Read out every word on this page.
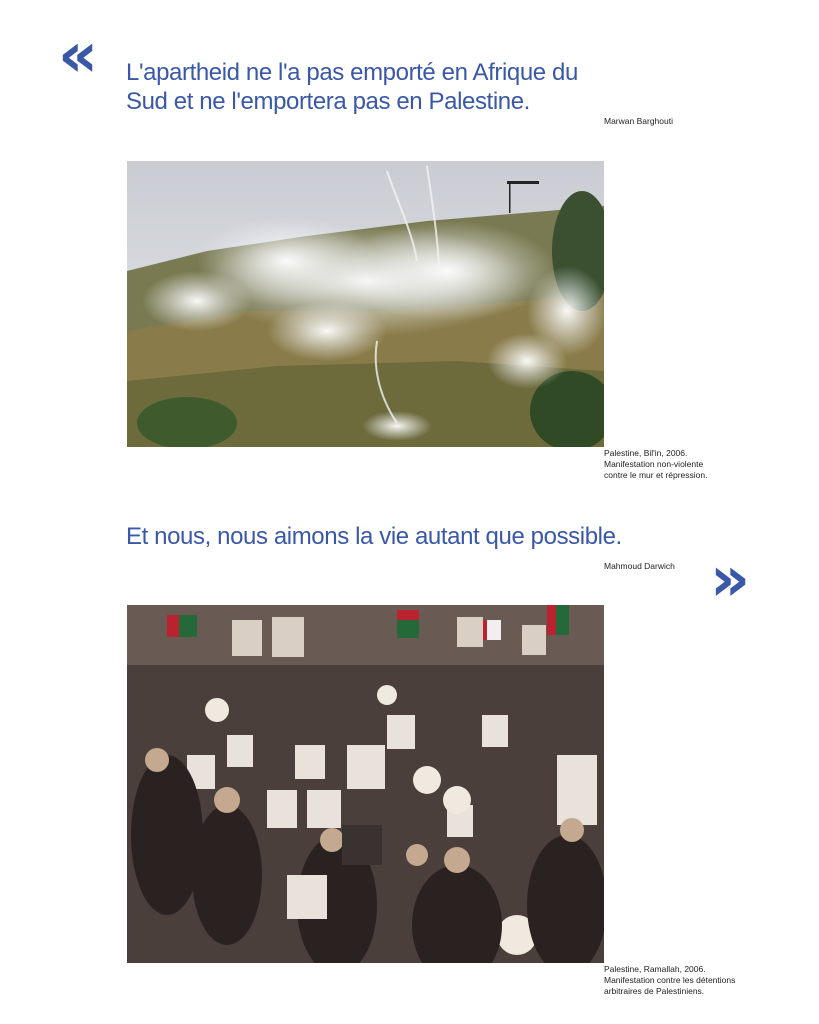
« L'apartheid ne l'a pas emporté en Afrique du Sud et ne l'emportera pas en Palestine.

Marwan Barghouti
Palestine, Bil'in, 2006.
Manifestation non-violente
contre le mur et répression.

Et nous, nous aimons la vie autant que possible.

Mahmoud Darwich »
Palestine, Ramallah, 2006.
Manifestation contre les détentions
arbitraires de Palestiniens.
